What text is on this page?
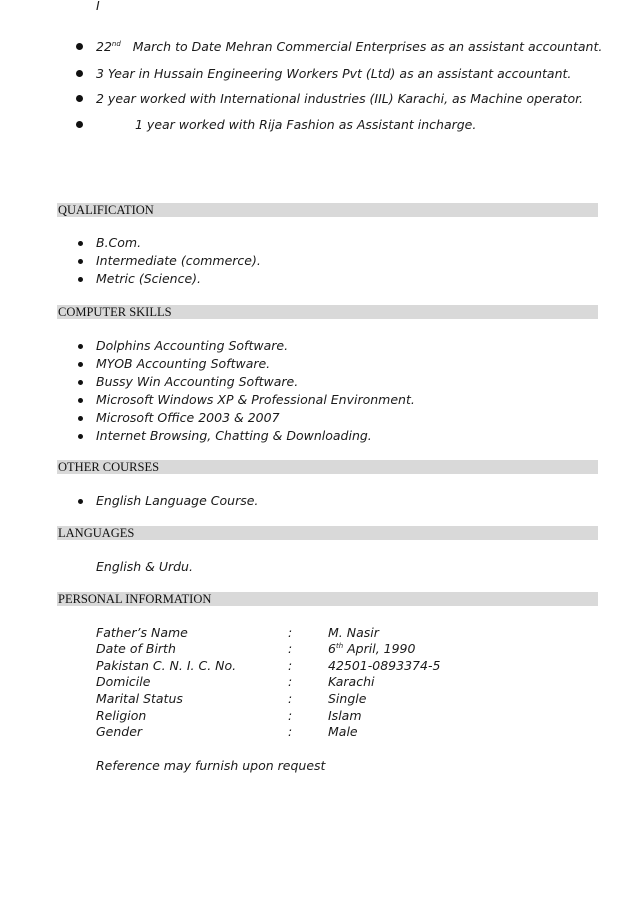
I
22nd March to Date Mehran Commercial Enterprises as an assistant accountant.
3 Year in Hussain Engineering Workers Pvt (Ltd) as an assistant accountant.
2 year worked with International industries (IIL) Karachi, as Machine operator.
1 year worked with Rija Fashion as Assistant incharge.
QUALIFICATION
B.Com.
Intermediate (commerce).
Metric (Science).
COMPUTER SKILLS
Dolphins Accounting Software.
MYOB Accounting Software.
Bussy Win Accounting Software.
Microsoft Windows XP & Professional Environment.
Microsoft Office 2003 & 2007
Internet Browsing, Chatting & Downloading.
OTHER COURSES
English Language Course.
LANGUAGES
English & Urdu.
PERSONAL INFORMATION
Father’s Name	:	M. Nasir
Date of Birth	:	6th April, 1990
Pakistan C. N. I. C. No.	:	42501-0893374-5
Domicile	:	Karachi
Marital Status	:	Single
Religion	:	Islam
Gender	:	Male
Reference may furnish upon request
